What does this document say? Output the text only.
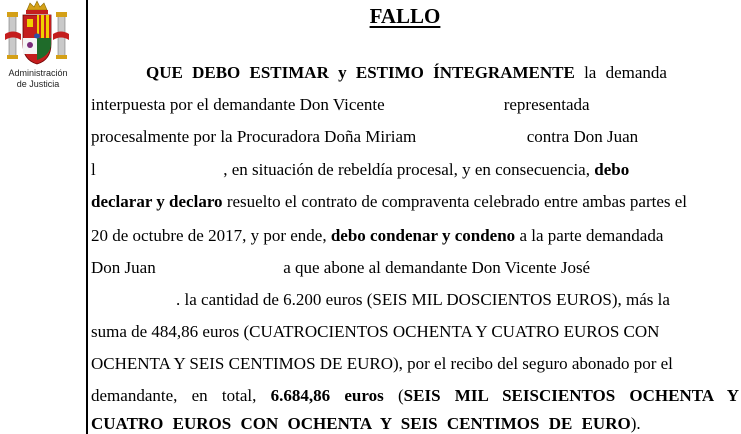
Administración
de Justicia
FALLO
QUE DEBO ESTIMAR y ESTIMO ÍNTEGRAMENTE la demanda
interpuesta por el demandante Don Vicente                            representada
procesalmente por la Procuradora Doña Miriam                          contra Don Juan
l                              , en situación de rebeldía procesal, y en consecuencia, debo
declarar y declaro resuelto el contrato de compraventa celebrado entre ambas partes el
20 de octubre de 2017, y por ende, debo condenar y condeno a la parte demandada
Don Juan                              a que abone al demandante Don Vicente José
. la cantidad de 6.200 euros (SEIS MIL DOSCIENTOS EUROS), más la
suma de 484,86 euros (CUATROCIENTOS OCHENTA Y CUATRO EUROS CON
OCHENTA Y SEIS CENTIMOS DE EURO), por el recibo del seguro abonado por el
demandante, en total, 6.684,86 euros (SEIS MIL SEISCIENTOS OCHENTA Y
CUATRO EUROS CON OCHENTA Y SEIS CENTIMOS DE EURO).
